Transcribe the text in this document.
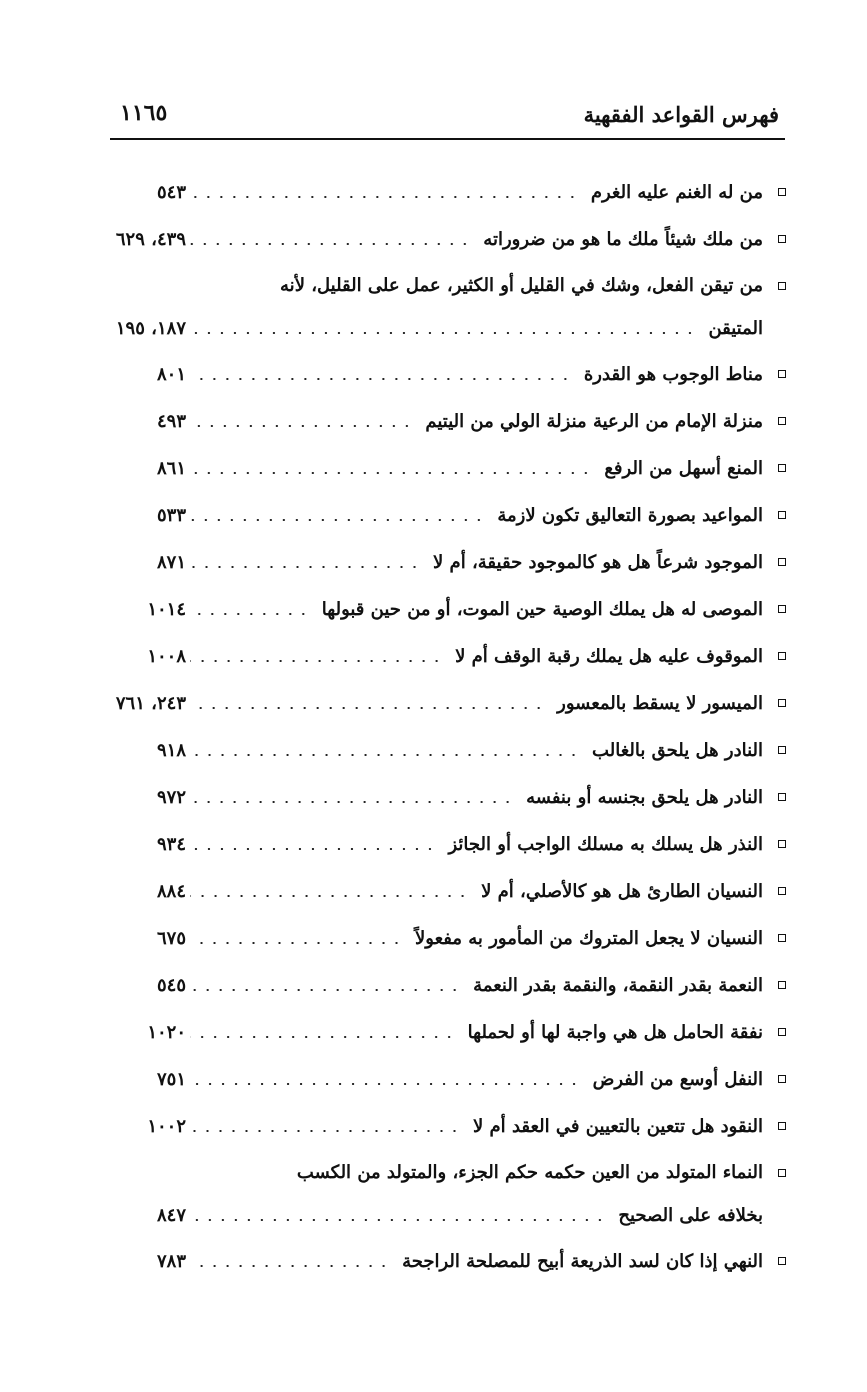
فهرس القواعد الفقهية
١١٦٥
من له الغنم عليه الغرم
٥٤٣
من ملك شيئاً ملك ما هو من ضروراته
٤٣٩، ٦٢٩
من تيقن الفعل، وشك في القليل أو الكثير، عمل على القليل، لأنه
المتيقن
١٨٧، ١٩٥
مناط الوجوب هو القدرة
٨٠١
منزلة الإمام من الرعية منزلة الولي من اليتيم
٤٩٣
المنع أسهل من الرفع
٨٦١
المواعيد بصورة التعاليق تكون لازمة
٥٣٣
الموجود شرعاً هل هو كالموجود حقيقة، أم لا
٨٧١
الموصى له هل يملك الوصية حين الموت، أو من حين قبولها
١٠١٤
الموقوف عليه هل يملك رقبة الوقف أم لا
١٠٠٨
الميسور لا يسقط بالمعسور
٢٤٣، ٧٦١
النادر هل يلحق بالغالب
٩١٨
النادر هل يلحق بجنسه أو بنفسه
٩٧٢
النذر هل يسلك به مسلك الواجب أو الجائز
٩٣٤
النسيان الطارئ هل هو كالأصلي، أم لا
٨٨٤
النسيان لا يجعل المتروك من المأمور به مفعولاً
٦٧٥
النعمة بقدر النقمة، والنقمة بقدر النعمة
٥٤٥
نفقة الحامل هل هي واجبة لها أو لحملها
١٠٢٠
النفل أوسع من الفرض
٧٥١
النقود هل تتعين بالتعيين في العقد أم لا
١٠٠٢
النماء المتولد من العين حكمه حكم الجزء، والمتولد من الكسب
بخلافه على الصحيح
٨٤٧
النهي إذا كان لسد الذريعة أبيح للمصلحة الراجحة
٧٨٣
